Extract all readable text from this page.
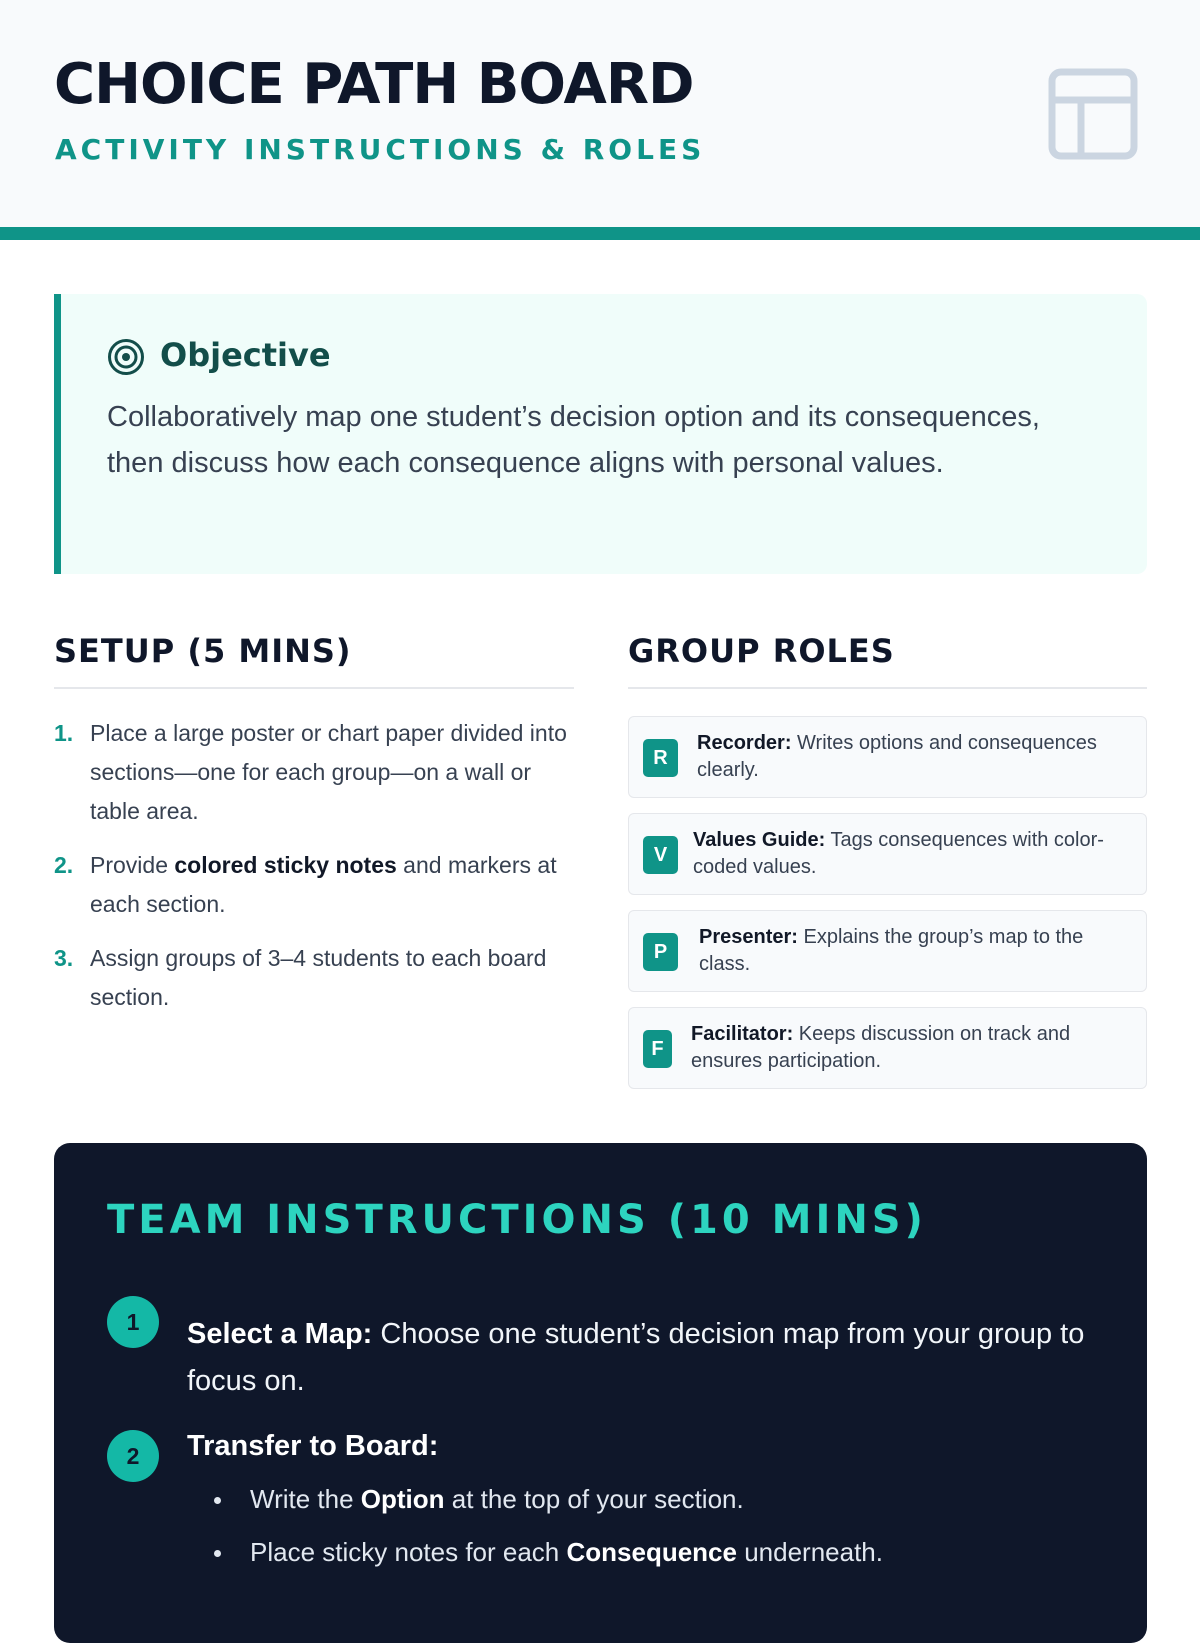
CHOICE PATH BOARD
ACTIVITY INSTRUCTIONS & ROLES
Objective

Collaboratively map one student’s decision option and its consequences, then discuss how each consequence aligns with personal values.

SETUP (5 MINS)
1. Place a large poster or chart paper divided into sections—one for each group—on a wall or table area.
2. Provide colored sticky notes and markers at each section.
3. Assign groups of 3–4 students to each board section.
GROUP ROLES
R

Recorder: Writes options and consequences clearly.

V

Values Guide: Tags consequences with color-coded values.

P

Presenter: Explains the group’s map to the class.

F

Facilitator: Keeps discussion on track and ensures participation.

TEAM INSTRUCTIONS (10 MINS)
1	Select a Map: Choose one student’s decision map from your group to focus on.

2	Transfer to Board:

Write the Option at the top of your section.
Place sticky notes for each Consequence underneath.
